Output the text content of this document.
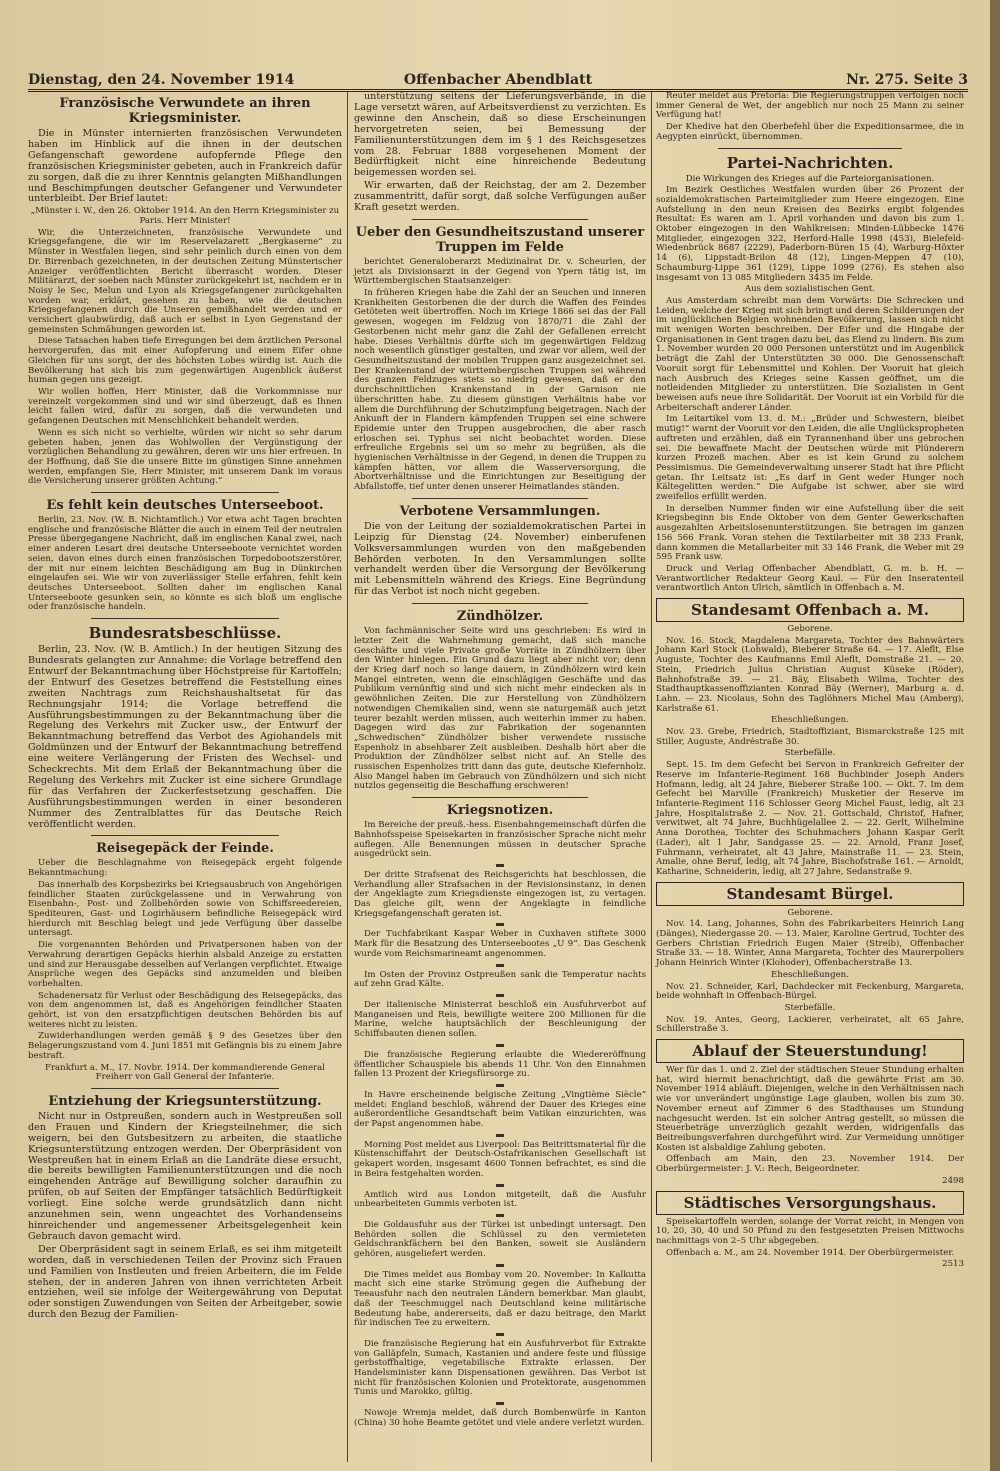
Dienstag, den 24. November 1914	Offenbacher Abendblatt	Nr. 275. Seite 3
Französische Verwundete an ihren Kriegsminister.

Die in Münster internierten französischen Verwundeten haben im Hinblick auf die ihnen in der deutschen Gefangenschaft gewordene aufopfernde Pflege den französischen Kriegsminister gebeten, auch in Frankreich dafür zu sorgen, daß die zu ihrer Kenntnis gelangten Mißhandlungen und Beschimpfungen deutscher Gefangener und Verwundeter unterbleibt. Der Brief lautet:

„Münster i. W., den 26. Oktober 1914. An den Herrn Kriegsminister zu Paris. Herr Minister!

Wir, die Unterzeichneten, französische Verwundete und Kriegsgefangene, die wir im Reservelazarett „Bergkaserne“ zu Münster in Westfalen liegen, sind sehr peinlich durch einen von dem Dr. Birrenbach gezeichneten, in der deutschen Zeitung Münsterischer Anzeiger veröffentlichten Bericht überrascht worden. Dieser Militärarzt, der soeben nach Münster zurückgekehrt ist, nachdem er in Noisy le Sec, Melun und Lyon als Kriegsgefangener zurückgehalten worden war, erklärt, gesehen zu haben, wie die deutschen Kriegsgefangenen durch die Unseren gemißhandelt werden und er versichert glaubwürdig, daß auch er selbst in Lyon Gegenstand der gemeinsten Schmähungen geworden ist.

Diese Tatsachen haben tiefe Erregungen bei dem ärztlichen Personal hervorgerufen, das mit einer Aufopferung und einem Eifer ohne Gleichen für uns sorgt, der des höchsten Lobes würdig ist. Auch die Bevölkerung hat sich bis zum gegenwärtigen Augenblick äußerst human gegen uns gezeigt.

Wir wollen hoffen, Herr Minister, daß die Vorkommnisse nur vereinzelt vorgekommen sind und wir sind überzeugt, daß es Ihnen leicht fallen wird, dafür zu sorgen, daß die verwundeten und gefangenen Deutschen mit Menschlichkeit behandelt werden.

Wenn es sich nicht so verhielte, würden wir nicht so sehr darum gebeten haben, jenen das Wohlwollen der Vergünstigung der vorzüglichen Behandlung zu gewähren, deren wir uns hier erfreuen. In der Hoffnung, daß Sie die unsere Bitte im günstigen Sinne annehmen werden, empfangen Sie, Herr Minister, mit unserem Dank im voraus die Versicherung unserer größten Achtung.“

Es fehlt kein deutsches Unterseeboot.

Berlin, 23. Nov. (W. B. Nichtamtlich.) Vor etwa acht Tagen brachten englische und französische Blätter die auch in einem Teil der neutralen Presse übergegangene Nachricht, daß im englischen Kanal zwei, nach einer anderen Lesart drei deutsche Unterseeboote vernichtet worden seien, davon eines durch einen französischen Torpedobootszerstörer, der mit nur einem leichten Beschädigung am Bug in Dünkirchen eingelaufen sei. Wie wir von zuverlässiger Stelle erfahren, fehlt kein deutsches Unterseeboot. Sollten daher im englischen Kanal Unterseeboote gesunken sein, so könnte es sich bloß um englische oder französische handeln.

Bundesratsbeschlüsse.

Berlin, 23. Nov. (W. B. Amtlich.) In der heutigen Sitzung des Bundesrats gelangten zur Annahme: die Vorlage betreffend den Entwurf der Bekanntmachung über Höchstpreise für Kartoffeln; der Entwurf des Gesetzes betreffend die Feststellung eines zweiten Nachtrags zum Reichshaushaltsetat für das Rechnungsjahr 1914; die Vorlage betreffend die Ausführungsbestimmungen zu der Bekanntmachung über die Regelung des Verkehrs mit Zucker usw., der Entwurf der Bekanntmachung betreffend das Verbot des Agiohandels mit Goldmünzen und der Entwurf der Bekanntmachung betreffend eine weitere Verlängerung der Fristen des Wechsel- und Scheckrechts. Mit dem Erlaß der Bekanntmachung über die Regelung des Verkehrs mit Zucker ist eine sichere Grundlage für das Verfahren der Zuckerfestsetzung geschaffen. Die Ausführungsbestimmungen werden in einer besonderen Nummer des Zentralblattes für das Deutsche Reich veröffentlicht werden.

Reisegepäck der Feinde.

Ueber die Beschlagnahme von Reisegepäck ergeht folgende Bekanntmachung:

Das innerhalb des Korpsbezirks bei Kriegsausbruch von Angehörigen feindlicher Staaten zurückgelassene und in Verwahrung von Eisenbahn-, Post- und Zollbehörden sowie von Schiffsreedereien, Spediteuren, Gast- und Logirhäusern befindliche Reisegepäck wird hierdurch mit Beschlag belegt und jede Verfügung über dasselbe untersagt.

Die vorgenannten Behörden und Privatpersonen haben von der Verwahrung derartigen Gepäcks hierhin alsbald Anzeige zu erstatten und sind zur Herausgabe desselben auf Verlangen verpflichtet. Etwaige Ansprüche wegen des Gepäcks sind anzumelden und bleiben vorbehalten.

Schadenersatz für Verlust oder Beschädigung des Reisegepäcks, das von dem angenommen ist, daß es Angehörigen feindlicher Staaten gehört, ist von den ersatzpflichtigen deutschen Behörden bis auf weiteres nicht zu leisten.

Zuwiderhandlungen werden gemäß § 9 des Gesetzes über den Belagerungszustand vom 4. Juni 1851 mit Gefängnis bis zu einem Jahre bestraft.

Frankfurt a. M., 17. Novbr. 1914. Der kommandierende General Freiherr von Gall General der Infanterie.

Entziehung der Kriegsunterstützung.

Nicht nur in Ostpreußen, sondern auch in Westpreußen soll den Frauen und Kindern der Kriegsteilnehmer, die sich weigern, bei den Gutsbesitzern zu arbeiten, die staatliche Kriegsunterstützung entzogen werden. Der Oberpräsident von Westpreußen hat in einem Erlaß an die Landräte diese ersucht, die bereits bewilligten Familienunterstützungen und die noch eingehenden Anträge auf Bewilligung solcher daraufhin zu prüfen, ob auf Seiten der Empfänger tatsächlich Bedürftigkeit vorliegt. Eine solche werde grundsätzlich dann nicht anzunehmen sein, wenn ungeachtet des Vorhandenseins hinreichender und angemessener Arbeitsgelegenheit kein Gebrauch davon gemacht wird.

Der Oberpräsident sagt in seinem Erlaß, es sei ihm mitgeteilt worden, daß in verschiedenen Teilen der Provinz sich Frauen und Familien von Instleuten und freien Arbeitern, die im Felde stehen, der in anderen Jahren von ihnen verrichteten Arbeit entziehen, weil sie infolge der Weitergewährung von Deputat oder sonstigen Zuwendungen von Seiten der Arbeitgeber, sowie durch den Bezug der Familien-

unterstützung seitens der Lieferungsverbände, in die Lage versetzt wären, auf Arbeitsverdienst zu verzichten. Es gewinne den Anschein, daß so diese Erscheinungen hervorgetreten seien, bei Bemessung der Familienunterstützungen dem im § 1 des Reichsgesetzes vom 28. Februar 1888 vorgesehenen Moment der Bedürftigkeit nicht eine hinreichende Bedeutung beigemessen worden sei.

Wir erwarten, daß der Reichstag, der am 2. Dezember zusammentritt, dafür sorgt, daß solche Verfügungen außer Kraft gesetzt werden.

Ueber den Gesundheitszustand unserer Truppen im Felde

berichtet Generaloberarzt Medizinalrat Dr. v. Scheurlen, der jetzt als Divisionsarzt in der Gegend von Ypern tätig ist, im Württembergischen Staatsanzeiger:

In früheren Kriegen habe die Zahl der an Seuchen und inneren Krankheiten Gestorbenen die der durch die Waffen des Feindes Getöteten weit übertroffen. Noch im Kriege 1866 sei das der Fall gewesen, wogegen im Feldzug von 1870/71 die Zahl der Gestorbenen nicht mehr ganz die Zahl der Gefallenen erreicht habe. Dieses Verhältnis dürfte sich im gegenwärtigen Feldzug noch wesentlich günstiger gestalten, und zwar vor allem, weil der Gesundheitszustand der mobilen Truppen ganz ausgezeichnet sei. Der Krankenstand der württembergischen Truppen sei während des ganzen Feldzuges stets so niedrig gewesen, daß er den durchschnittlichen Krankenstand in der Garnison nie überschritten habe. Zu diesem günstigen Verhältnis habe vor allem die Durchführung der Schutzimpfung beigetragen. Nach der Ankunft der in Flandern kämpfenden Truppen sei eine schwere Epidemie unter den Truppen ausgebrochen, die aber rasch erloschen sei. Typhus sei nicht beobachtet worden. Diese erfreuliche Ergebnis sei um so mehr zu begrüßen, als die hygienischen Verhältnisse in der Gegend, in denen die Truppen zu kämpfen hätten, vor allem die Wasserversorgung, die Abortverhältnisse und die Einrichtungen zur Beseitigung der Abfallstoffe, tief unter denen unserer Heimatlandes ständen.

Verbotene Versammlungen.

Die von der Leitung der sozialdemokratischen Partei in Leipzig für Dienstag (24. November) einberufenen Volksversammlungen wurden von den maßgebenden Behörden verboten. In den Versammlungen sollte verhandelt werden über die Versorgung der Bevölkerung mit Lebensmitteln während des Kriegs. Eine Begründung für das Verbot ist noch nicht gegeben.

Zündhölzer.

Von fachmännischer Seite wird uns geschrieben: Es wird in letzter Zeit die Wahrnehmung gemacht, daß sich manche Geschäfte und viele Private große Vorräte in Zündhölzern über den Winter hinlegen. Ein Grund dazu liegt aber nicht vor; denn der Krieg darf noch so lange dauern, in Zündhölzern wird kein Mangel eintreten, wenn die einschlägigen Geschäfte und das Publikum vernünftig sind und sich nicht mehr eindecken als in gewöhnlichen Zeiten. Die zur Herstellung von Zündhölzern notwendigen Chemikalien sind, wenn sie naturgemäß auch jetzt teurer bezahlt werden müssen, auch weiterhin immer zu haben. Dagegen wird das zur Fabrikation der sogenannten „Schwedischen“ Zündhölzer bisher verwendete russische Espenholz in absehbarer Zeit ausbleiben. Deshalb hört aber die Produktion der Zündhölzer selbst nicht auf. An Stelle des russischen Espenholzes tritt dann das gute, deutsche Kiefernholz. Also Mangel haben im Gebrauch von Zündhölzern und sich nicht nutzlos gegenseitig die Beschaffung erschweren!

Kriegsnotizen.

Im Bereiche der preuß.-hess. Eisenbahngemeinschaft dürfen die Bahnhofsspeise Speisekarten in französischer Sprache nicht mehr auflegen. Alle Benennungen müssen in deutscher Sprache ausgedrückt sein.

Der dritte Strafsenat des Reichsgerichts hat beschlossen, die Verhandlung aller Strafsachen in der Revisionsinstanz, in denen der Angeklagte zum Kriegsdienste eingezogen ist, zu vertagen. Das gleiche gilt, wenn der Angeklagte in feindliche Kriegsgefangenschaft geraten ist.

Der Tuchfabrikant Kaspar Weber in Cuxhaven stiftete 3000 Mark für die Besatzung des Unterseebootes „U 9“. Das Geschenk wurde vom Reichsmarineamt angenommen.

Im Osten der Provinz Ostpreußen sank die Temperatur nachts auf zehn Grad Kälte.

Der italienische Ministerrat beschloß ein Ausfuhrverbot auf Manganeisen und Reis, bewilligte weitere 200 Millionen für die Marine, welche hauptsächlich der Beschleunigung der Schiffsbauten dienen sollen.

Die französische Regierung erlaubte die Wiedereröffnung öffentlicher Schauspiele bis abends 11 Uhr. Von den Einnahmen fallen 13 Prozent der Kriegsfürsorge zu.

In Havre erscheinende belgische Zeitung „Vingtième Siècle“ meldet: England beschloß, während der Dauer des Krieges eine außerordentliche Gesandtschaft beim Vatikan einzurichten, was der Papst angenommen habe.

Morning Post meldet aus Liverpool: Das Beitrittsmaterial für die Küstenschiffahrt der Deutsch-Ostafrikanischen Gesellschaft ist gekapert worden, insgesamt 4600 Tonnen befrachtet, es sind die in Beira festgehalten worden.

Amtlich wird aus London mitgeteilt, daß die Ausfuhr unbearbeiteten Gummis verboten ist.

Die Goldausfuhr aus der Türkei ist unbedingt untersagt. Den Behörden sollen die Schlüssel zu den vermieteten Geldschrankfächern bei den Banken, soweit sie Ausländern gehören, ausgeliefert werden.

Die Times meldet aus Bombay vom 20. November: In Kalkutta macht sich eine starke Strömung gegen die Aufhebung der Teeausfuhr nach den neutralen Ländern bemerkbar. Man glaubt, daß der Teeschmuggel nach Deutschland keine militärische Bedeutung habe, andererseits, daß er dazu beitrage, den Markt für indischen Tee zu erweitern.

Die französische Regierung hat ein Ausfuhrverbot für Extrakte von Galläpfeln, Sumach, Kastanien und andere feste und flüssige gerbstoffhaltige, vegetabilische Extrakte erlassen. Der Handelsminister kann Dispensationen gewähren. Das Verbot ist nicht für französischen Kolonien und Protektorate, ausgenommen Tunis und Marokko, gültig.

Nowoje Wremja meldet, daß durch Bombenwürfe in Kanton (China) 30 hohe Beamte getötet und viele andere verletzt wurden.

Reuter meldet aus Pretoria: Die Regierungstruppen verfolgen noch immer General de Wet, der angeblich nur noch 25 Mann zu seiner Verfügung hat!

Der Khedive hat den Oberbefehl über die Expeditionsarmee, die in Aegypten einrückt, übernommen.

Partei-Nachrichten.

Die Wirkungen des Krieges auf die Parteiorganisationen.

Im Bezirk Oestliches Westfalen wurden über 26 Prozent der sozialdemokratischen Parteimitglieder zum Heere eingezogen. Eine Aufstellung in den neun Kreisen des Bezirks ergibt folgendes Resultat: Es waren am 1. April vorhanden und davon bis zum 1. Oktober eingezogen in den Wahlkreisen: Minden-Lübbecke 1476 Mitglieder, eingezogen 322, Herford-Halle 1998 (453), Bielefeld-Wiedenbrück 8687 (2229), Paderborn-Büren 15 (4), Warburg-Höxter 14 (6), Lippstadt-Brilon 48 (12), Lingen-Meppen 47 (10), Schaumburg-Lippe 361 (129), Lippe 1099 (276). Es stehen also insgesamt von 13 085 Mitgliedern 3435 im Felde.

Aus dem sozialistischen Gent.

Aus Amsterdam schreibt man dem Vorwärts: Die Schrecken und Leiden, welche der Krieg mit sich bringt und deren Schilderungen der im unglücklichen Belgien wohnenden Bevölkerung, lassen sich nicht mit wenigen Worten beschreiben. Der Eifer und die Hingabe der Organisationen in Gent tragen dazu bei, das Elend zu lindern. Bis zum 1. November wurden 20 000 Personen unterstützt und im Augenblick beträgt die Zahl der Unterstützten 30 000. Die Genossenschaft Vooruit sorgt für Lebensmittel und Kohlen. Der Vooruit hat gleich nach Ausbruch des Krieges seine Kassen geöffnet, um die notleidenden Mitglieder zu unterstützen. Die Sozialisten in Gent beweisen aufs neue ihre Solidarität. Der Vooruit ist ein Vorbild für die Arbeiterschaft anderer Länder.

Im Leitartikel vom 13. d. M.: „Brüder und Schwestern, bleibet mutig!“ warnt der Vooruit vor den Leiden, die alle Unglückspropheten auftreten und erzählen, daß ein Tyrannenhand über uns gebrochen sei. Die bewaffnete Macht der Deutschen würde mit Plünderern kurzen Prozeß machen. Aber es ist kein Grund zu solchem Pessimismus. Die Gemeindeverwaltung unserer Stadt hat ihre Pflicht getan. Ihr Leitsatz ist: „Es darf in Gent weder Hunger noch Kältegelitten werden.“ Die Aufgabe ist schwer, aber sie wird zweifellos erfüllt werden.

In derselben Nummer finden wir eine Aufstellung über die seit Kriegsbeginn bis Ende Oktober von dem Genter Gewerkschaften ausgezahlten Arbeitslosenunterstützungen. Sie betragen im ganzen 156 566 Frank. Voran stehen die Textilarbeiter mit 38 233 Frank, dann kommen die Metallarbeiter mit 33 146 Frank, die Weber mit 29 595 Frank usw.

Druck und Verlag Offenbacher Abendblatt, G. m. b. H. — Verantwortlicher Redakteur Georg Kaul. — Für den Inseratenteil verantwortlich Anton Ulrich, sämtlich in Offenbach a. M.

Standesamt Offenbach a. M.

Geborene.

Nov. 16. Stock, Magdalena Margareta, Tochter des Bahnwärters Johann Karl Stock (Lohwald), Bieberer Straße 64. — 17. Aleflt, Else Auguste, Tochter des Kaufmanns Emil Aleflt, Domstraße 21. — 20. Stein, Friedrich Julius Christian August Küseke (Röder), Bahnhofstraße 39. — 21. Bäy, Elisabeth Wilma, Tochter des Stadthauptkassenoffizianten Konrad Bäy (Werner), Marburg a. d. Lahn. — 23. Nicolaus, Sohn des Taglöhners Michel Mau (Amberg), Karlstraße 61.

Eheschließungen.

Nov. 23. Grebe, Friedrich, Stadtoffiziant, Bismarckstraße 125 mit Stiller, Auguste, Andréstraße 30.

Sterbefälle.

Sept. 15. Im dem Gefecht bei Servon in Frankreich Gefreiter der Reserve im Infanterie-Regiment 168 Buchbinder Joseph Anders Hofmann, ledig, alt 24 Jahre, Bieberer Straße 100. — Okt. 7. Im dem Gefecht bei Marville (Frankreich) Musketier der Reserve im Infanterie-Regiment 116 Schlosser Georg Michel Faust, ledig, alt 23 Jahre, Hospitalstraße 2. — Nov. 21. Gottschald, Christof, Hafner, verwitwet, alt 74 Jahre, Buchhügelallee 2. — 22. Gerlt, Wilhelmine Anna Dorothea, Tochter des Schuhmachers Johann Kaspar Gerlt (Lader), alt 1 Jahr, Sandgasse 25. — 22. Arnold, Franz Josef, Fuhrmann, verheiratet, alt 43 Jahre, Mainstraße 11. — 23. Stein, Amalie, ohne Beruf, ledig, alt 74 Jahre, Bischofstraße 161. — Arnoldt, Katharine, Schneiderin, ledig, alt 27 Jahre, Sedanstraße 9.

Standesamt Bürgel.

Geborene.

Nov. 14. Lang, Johannes, Sohn des Fabrikarbeiters Heinrich Lang (Dänges), Niedergasse 20. — 13. Maier, Karoline Gertrud, Tochter des Gerbers Christian Friedrich Eugen Maier (Streib), Offenbacher Straße 33. — 18. Winter, Anna Margareta, Tochter des Maurerpoliers Johann Heinrich Winter (Klohoder), Offenbacherstraße 13.

Eheschließungen.

Nov. 21. Schneider, Karl, Dachdecker mit Feckenburg, Margareta, beide wohnhaft in Offenbach-Bürgel.

Sterbefälle.

Nov. 19. Antes, Georg, Lackierer, verheiratet, alt 65 Jahre, Schillerstraße 3.

Ablauf der Steuerstundung!

Wer für das 1. und 2. Ziel der städtischen Steuer Stundung erhalten hat, wird hiermit benachrichtigt, daß die gewährte Frist am 30. November 1914 abläuft. Diejenigen, welche in den Verhältnissen nach wie vor unverändert ungünstige Lage glauben, wollen bis zum 30. November erneut auf Zimmer 6 des Stadthauses um Stundung nachgesucht werden. Ist ein solcher Antrag gestellt, so müssen die Steuerbeträge unverzüglich gezahlt werden, widrigenfalls das Beitreibungsverfahren durchgeführt wird. Zur Vermeidung unnötiger Kosten ist alsbaldige Zahlung geboten.

Offenbach am Main, den 23. November 1914. Der Oberbürgermeister: J. V.: Rech, Beigeordneter.

2498

Städtisches Versorgungshaus.

Speisekartoffeln werden, solange der Vorrat reicht, in Mengen von 10, 20, 30, 40 und 50 Pfund zu den festgesetzten Preisen Mittwochs nachmittags von 2–5 Uhr abgegeben.

Offenbach a. M., am 24. November 1914. Der Oberbürgermeister.

2513
